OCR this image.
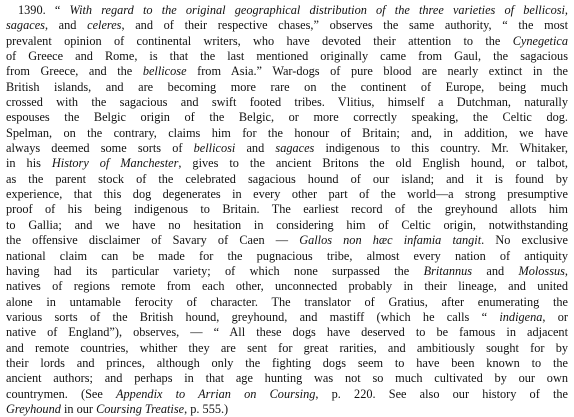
1390. “ With regard to the original geographical distribution of the three varieties of bellicosi,
sagaces, and celeres, and of their respective chases,” observes the same authority, “ the most
prevalent opinion of continental writers, who have devoted their attention to the Cynegetica
of Greece and Rome, is that the last mentioned originally came from Gaul, the sagacious
from Greece, and the bellicose from Asia.” War-dogs of pure blood are nearly extinct in the
British islands, and are becoming more rare on the continent of Europe, being much
crossed with the sagacious and swift footed tribes. Vlitius, himself a Dutchman, naturally
espouses the Belgic origin of the Belgic, or more correctly speaking, the Celtic dog.
Spelman, on the contrary, claims him for the honour of Britain; and, in addition, we have
always deemed some sorts of bellicosi and sagaces indigenous to this country. Mr. Whitaker,
in his History of Manchester, gives to the ancient Britons the old English hound, or talbot,
as the parent stock of the celebrated sagacious hound of our island; and it is found by
experience, that this dog degenerates in every other part of the world—a strong presumptive
proof of his being indigenous to Britain. The earliest record of the greyhound allots him
to Gallia; and we have no hesitation in considering him of Celtic origin, notwithstanding
the offensive disclaimer of Savary of Caen — Gallos non hæc infamia tangit. No exclusive
national claim can be made for the pugnacious tribe, almost every nation of antiquity
having had its particular variety; of which none surpassed the Britannus and Molossus,
natives of regions remote from each other, unconnected probably in their lineage, and united
alone in untamable ferocity of character. The translator of Gratius, after enumerating the
various sorts of the British hound, greyhound, and mastiff (which he calls “ indigena, or
native of England”), observes, — “ All these dogs have deserved to be famous in adjacent
and remote countries, whither they are sent for great rarities, and ambitiously sought for by
their lords and princes, although only the fighting dogs seem to have been known to the
ancient authors; and perhaps in that age hunting was not so much cultivated by our own
countrymen. (See Appendix to Arrian on Coursing, p. 220. See also our history of the
Greyhound in our Coursing Treatise, p. 555.)
